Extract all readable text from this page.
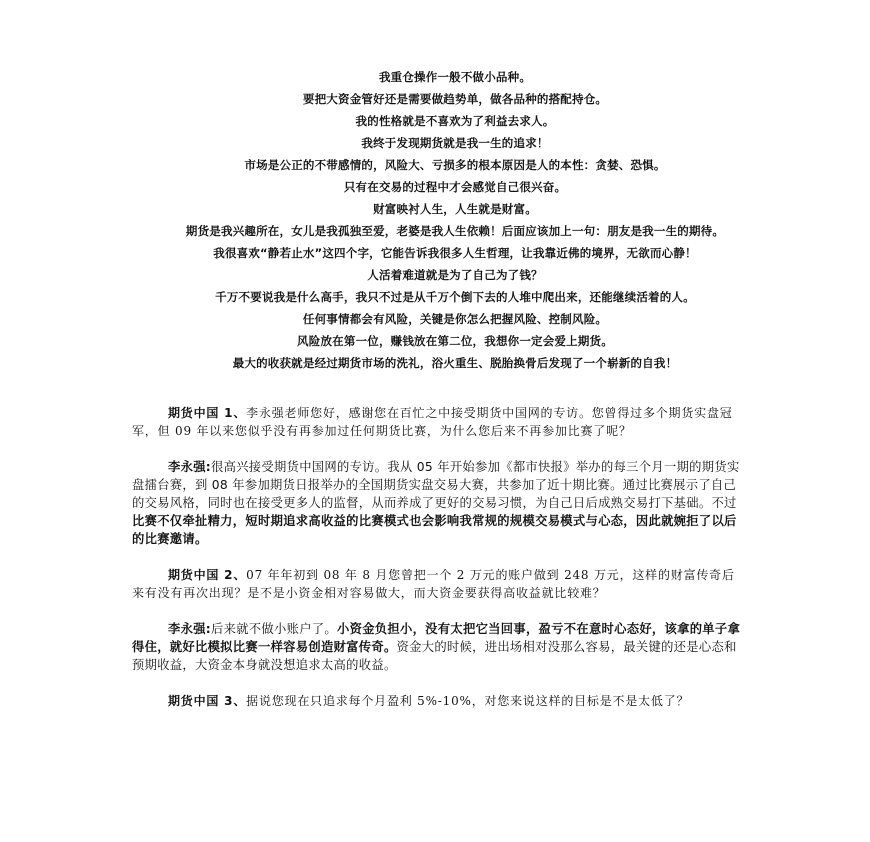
我重仓操作一般不做小品种。
要把大资金管好还是需要做趋势单，做各品种的搭配持仓。
我的性格就是不喜欢为了利益去求人。
我终于发现期货就是我一生的追求！
市场是公正的不带感情的，风险大、亏损多的根本原因是人的本性：贪婪、恐惧。
只有在交易的过程中才会感觉自己很兴奋。
财富映衬人生，人生就是财富。
期货是我兴趣所在，女儿是我孤独至爱，老婆是我人生依赖！后面应该加上一句：朋友是我一生的期待。
我很喜欢“静若止水”这四个字，它能告诉我很多人生哲理，让我靠近佛的境界，无欲而心静！
人活着难道就是为了自己为了钱？
千万不要说我是什么高手，我只不过是从千万个倒下去的人堆中爬出来，还能继续活着的人。
任何事情都会有风险，关键是你怎么把握风险、控制风险。
风险放在第一位，赚钱放在第二位，我想你一定会爱上期货。
最大的收获就是经过期货市场的洗礼，浴火重生、脱胎换骨后发现了一个崭新的自我！

期货中国 1、李永强老师您好，感谢您在百忙之中接受期货中国网的专访。您曾得过多个期货实盘冠军，但 09 年以来您似乎没有再参加过任何期货比赛，为什么您后来不再参加比赛了呢？

李永强:很高兴接受期货中国网的专访。我从 05 年开始参加《都市快报》举办的每三个月一期的期货实盘擂台赛，到 08 年参加期货日报举办的全国期货实盘交易大赛，共参加了近十期比赛。通过比赛展示了自己的交易风格，同时也在接受更多人的监督，从而养成了更好的交易习惯，为自己日后成熟交易打下基础。不过比赛不仅牵扯精力，短时期追求高收益的比赛模式也会影响我常规的规模交易模式与心态，因此就婉拒了以后的比赛邀请。

期货中国 2、07 年年初到 08 年 8 月您曾把一个 2 万元的账户做到 248 万元，这样的财富传奇后来有没有再次出现？是不是小资金相对容易做大，而大资金要获得高收益就比较难？

李永强:后来就不做小账户了。小资金负担小，没有太把它当回事，盈亏不在意时心态好，该拿的单子拿得住，就好比模拟比赛一样容易创造财富传奇。资金大的时候，进出场相对没那么容易，最关键的还是心态和预期收益，大资金本身就没想追求太高的收益。

期货中国 3、据说您现在只追求每个月盈利 5%-10%，对您来说这样的目标是不是太低了？
